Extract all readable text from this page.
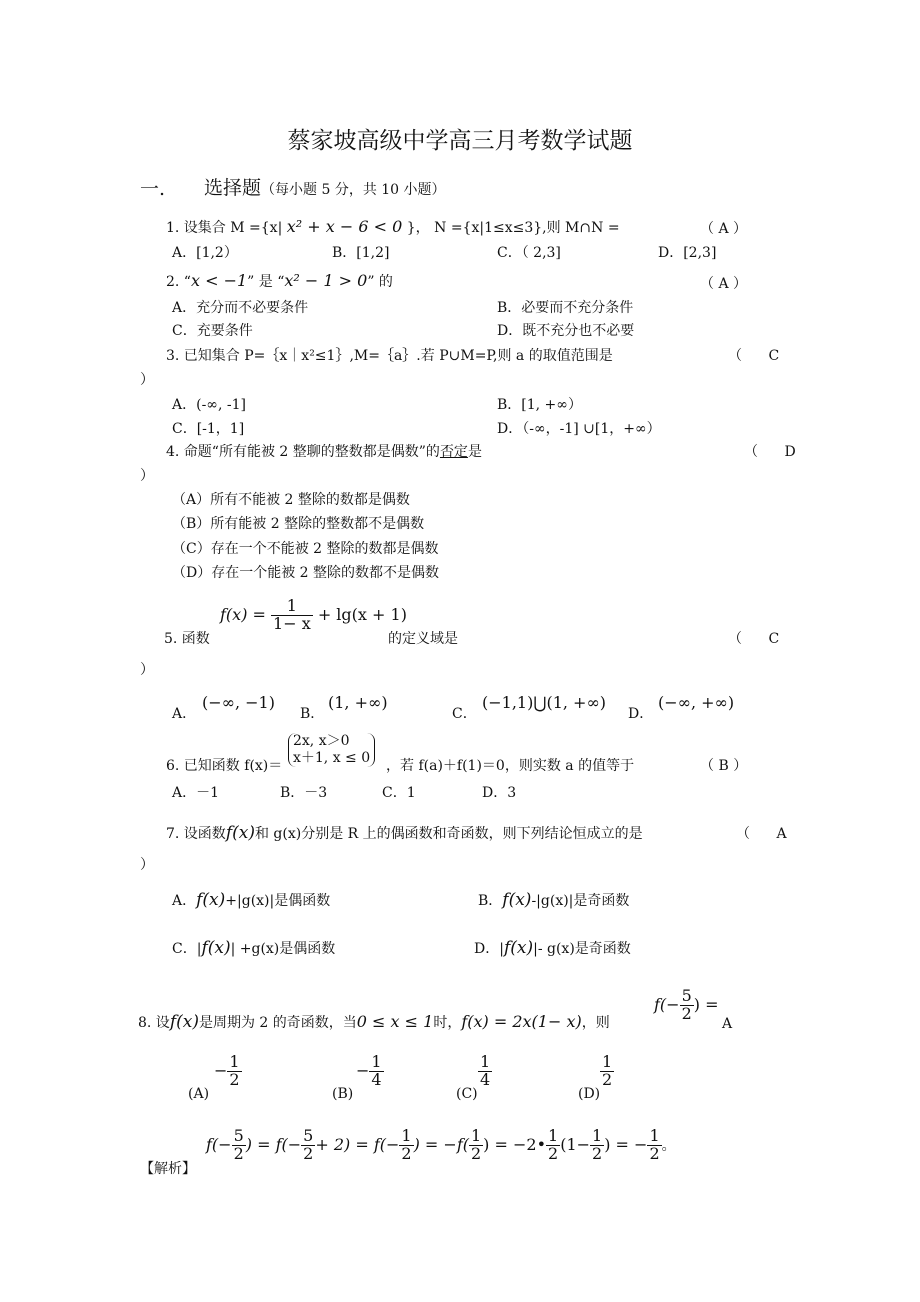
蔡家坡高级中学高三月考数学试题
一. 选择题（每小题 5 分，共 10 小题）
1. 设集合 M ={x| x² + x − 6 < 0 }， N ={x|1≤x≤3},则 M∩N =	（ A ）
A．[1,2）	B．[1,2]	C．（ 2,3]	D．[2,3]
2. “x < −1” 是 “x² − 1 > 0” 的	（ A ）
A．充分而不必要条件	B．必要而不充分条件
C．充要条件	D．既不充分也不必要
3. 已知集合 P=｛x｜x²≤1｝,M=｛a｝.若 P∪M=P,则 a 的取值范围是	（ C
）
A．(-∞, -1]	B．[1, +∞）
C．[-1，1]	D．（-∞，-1] ∪[1，+∞）
4. 命题“所有能被 2 整聊的整数都是偶数”的否定是	（ D
）
（A）所有不能被 2 整除的数都是偶数
（B）所有能被 2 整除的整数都不是偶数
（C）存在一个不能被 2 整除的数都是偶数
（D）存在一个能被 2 整除的数都不是偶数
5. 函数
$f(x) = \frac{1}{1- x} + \lg(x + 1)$
的定义域是	（ C
）
A．
(−∞, −1)
B．
(1, +∞)
C．
(−1,1)⋃(1, +∞)
D．
(−∞, +∞)
6. 已知函数 f(x)＝
2x, x＞0
x＋1, x ≤ 0
，若 f(a)＋f(1)＝0，则实数 a 的值等于	（ B ）
A．－1	B．－3	C．1	D．3
7. 设函数f(x)和 g(x)分别是 R 上的偶函数和奇函数，则下列结论恒成立的是	（ A
）
A．f(x)+|g(x)|是偶函数	B．f(x)-|g(x)|是奇函数
C．|f(x)| +g(x)是偶函数	D．|f(x)|- g(x)是奇函数
8. 设f(x)是周期为 2 的奇函数，当0 ≤ x ≤ 1时，f(x) = 2x(1− x)，则
$f(- \frac{5}{2}$ ) =
A
(A)
− $\frac{1}{2}$
(B)
− $\frac{1}{4}$
(C)
$\frac{1}{4}$
(D)
$\frac{1}{2}$
【解析】
$f(- \frac{5}{2}$ ) = $f(- \frac{5}{2} + 2) = f(- \frac{1}{2}$ ) = $-f( \frac{1}{2}$ ) = −2• $\frac{1}{2} (1- \frac{1}{2}$ ) = − $\frac{1}{2}$ 。
